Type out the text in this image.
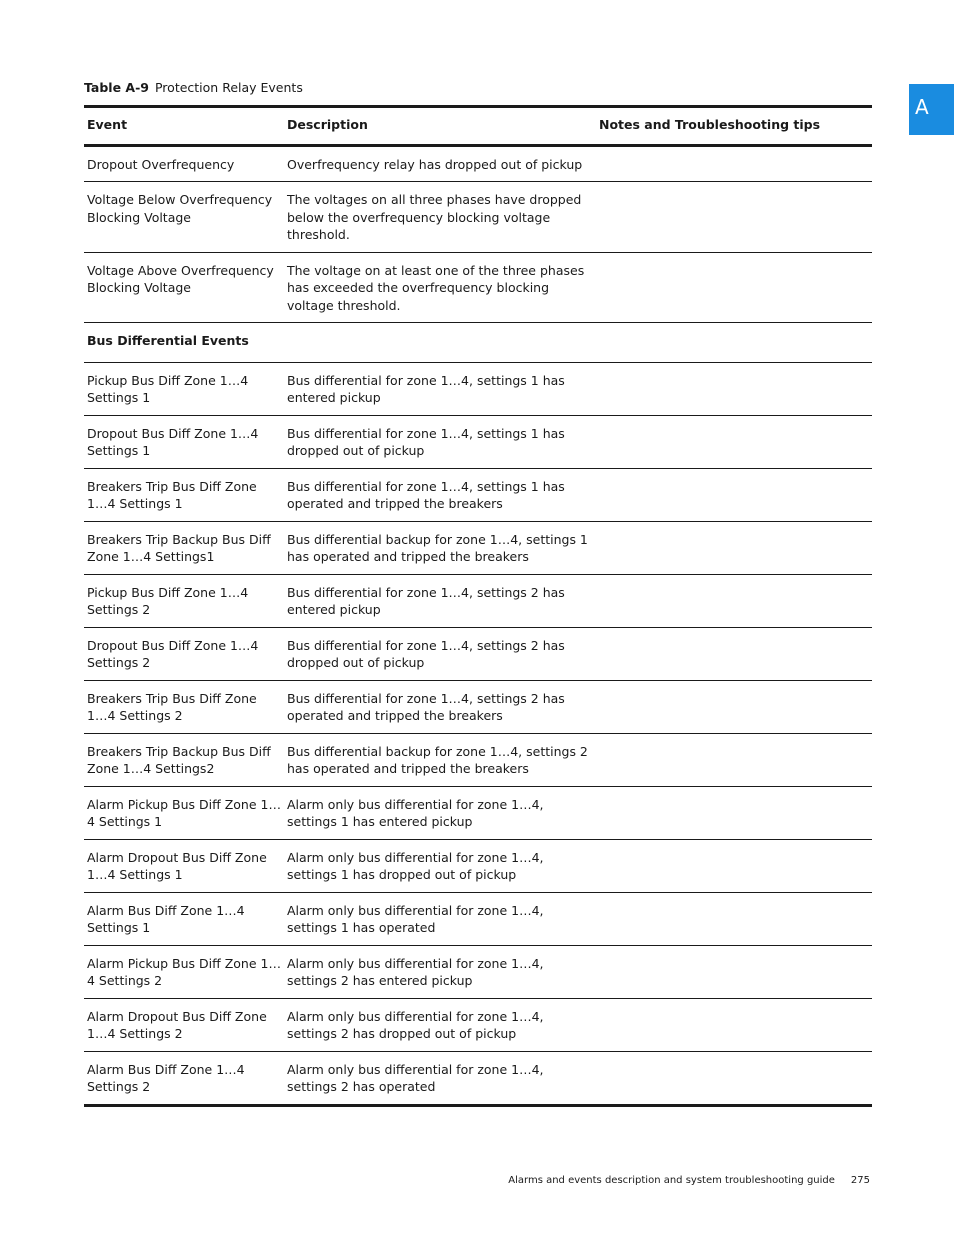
Table A-9 Protection Relay Events
A
Event	Description	Notes and Troubleshooting tips
Dropout Overfrequency	Overfrequency relay has dropped out of pickup	
Voltage Below Overfrequency Blocking Voltage	The voltages on all three phases have dropped below the overfrequency blocking voltage threshold.	
Voltage Above Overfrequency Blocking Voltage	The voltage on at least one of the three phases has exceeded the overfrequency blocking voltage threshold.	
Bus Differential Events		
Pickup Bus Diff Zone 1…4 Settings 1	Bus differential for zone 1…4, settings 1 has entered pickup	
Dropout Bus Diff Zone 1…4 Settings 1	Bus differential for zone 1…4, settings 1 has dropped out of pickup	
Breakers Trip Bus Diff Zone 1…4 Settings 1	Bus differential for zone 1…4, settings 1 has operated and tripped the breakers	
Breakers Trip Backup Bus Diff Zone 1…4 Settings1	Bus differential backup for zone 1…4, settings 1 has operated and tripped the breakers	
Pickup Bus Diff Zone 1…4 Settings 2	Bus differential for zone 1…4, settings 2 has entered pickup	
Dropout Bus Diff Zone 1…4 Settings 2	Bus differential for zone 1…4, settings 2 has dropped out of pickup	
Breakers Trip Bus Diff Zone 1…4 Settings 2	Bus differential for zone 1…4, settings 2 has operated and tripped the breakers	
Breakers Trip Backup Bus Diff Zone 1…4 Settings2	Bus differential backup for zone 1…4, settings 2 has operated and tripped the breakers	
Alarm Pickup Bus Diff Zone 1…4 Settings 1	Alarm only bus differential for zone 1…4, settings 1 has entered pickup	
Alarm Dropout Bus Diff Zone 1…4 Settings 1	Alarm only bus differential for zone 1…4, settings 1 has dropped out of pickup	
Alarm Bus Diff Zone 1…4 Settings 1	Alarm only bus differential for zone 1…4, settings 1 has operated	
Alarm Pickup Bus Diff Zone 1…4 Settings 2	Alarm only bus differential for zone 1…4, settings 2 has entered pickup	
Alarm Dropout Bus Diff Zone 1…4 Settings 2	Alarm only bus differential for zone 1…4, settings 2 has dropped out of pickup	
Alarm Bus Diff Zone 1…4 Settings 2	Alarm only bus differential for zone 1…4, settings 2 has operated	
Alarms and events description and system troubleshooting guide 275
